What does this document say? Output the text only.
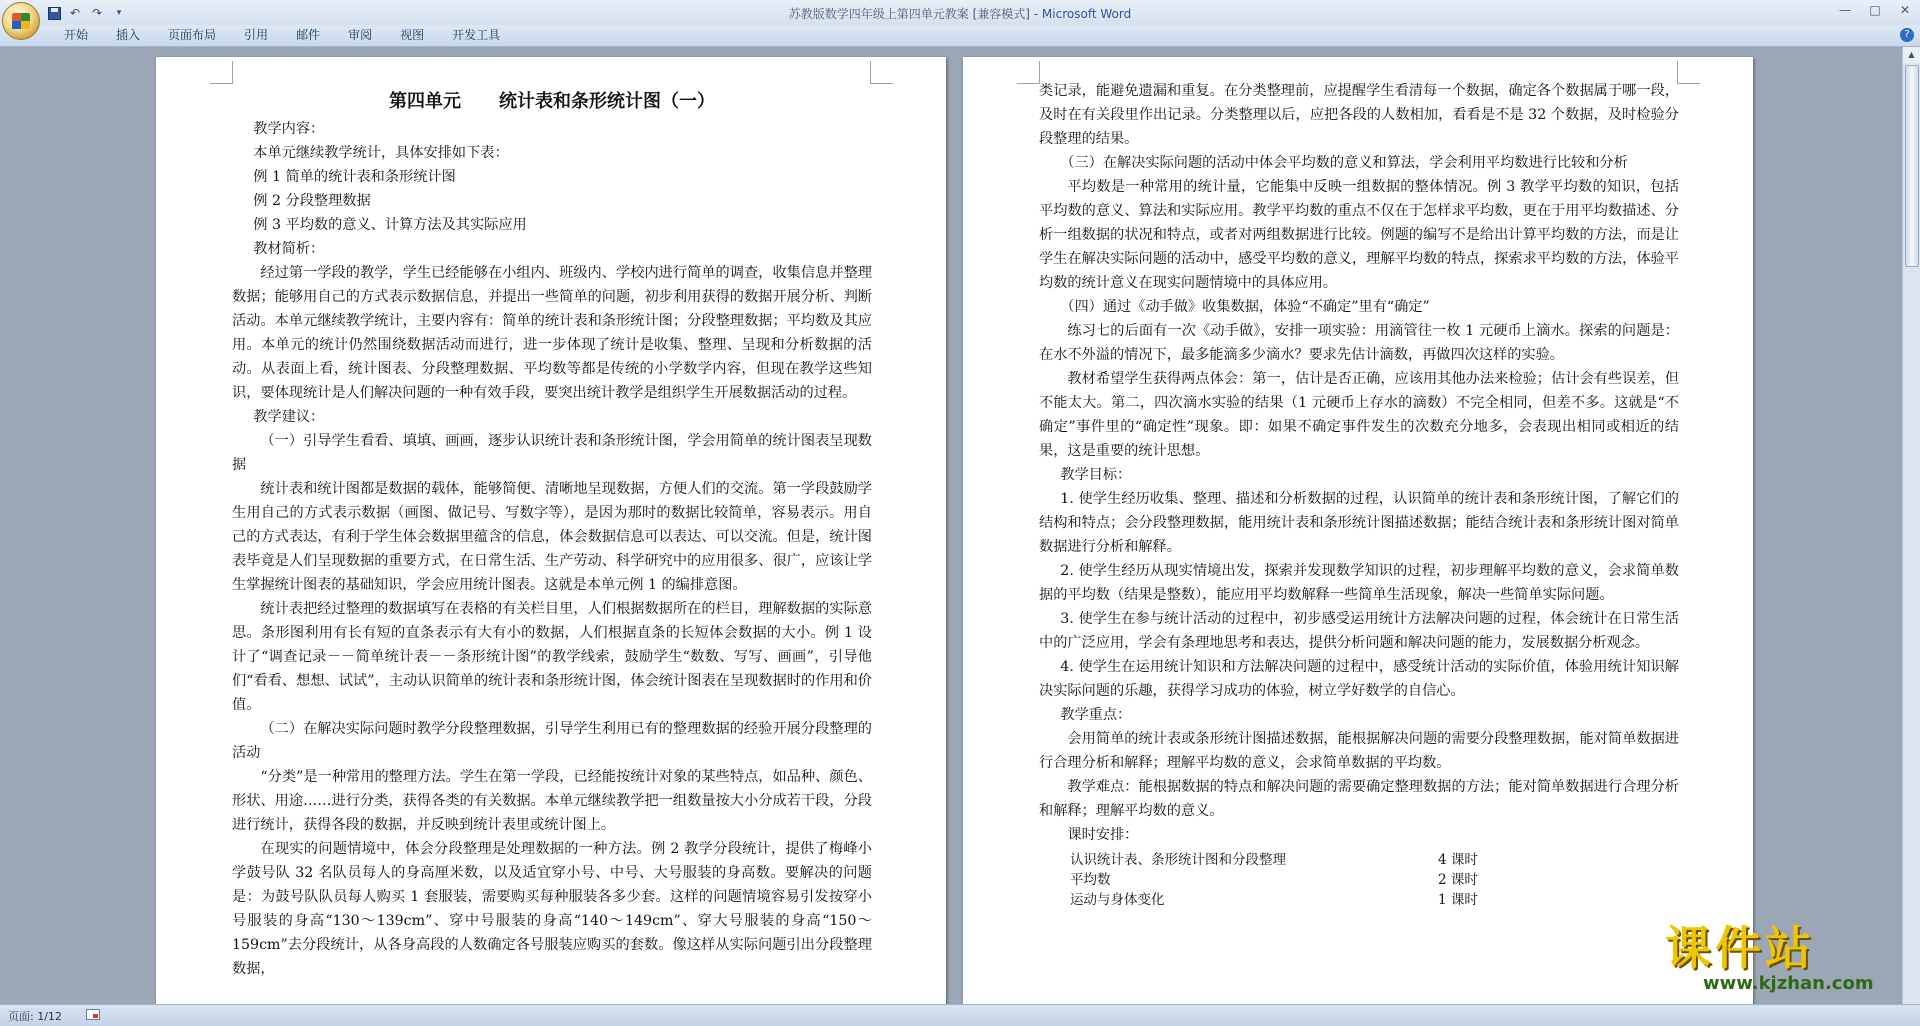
↶ ↷	▾	苏教版数学四年级上第四单元教案 [兼容模式] - Microsoft Word	—	□	✕
开始	插入	页面布局	引用	邮件	审阅	视图	开发工具	?

第四单元 统计表和条形统计图（一）

教学内容：

本单元继续教学统计，具体安排如下表：

例 1 简单的统计表和条形统计图

例 2 分段整理数据

例 3 平均数的意义、计算方法及其实际应用

教材简析：

经过第一学段的教学，学生已经能够在小组内、班级内、学校内进行简单的调查，收集信息并整理数据；能够用自己的方式表示数据信息，并提出一些简单的问题，初步利用获得的数据开展分析、判断活动。本单元继续教学统计，主要内容有：简单的统计表和条形统计图；分段整理数据；平均数及其应用。本单元的统计仍然围绕数据活动而进行，进一步体现了统计是收集、整理、呈现和分析数据的活动。从表面上看，统计图表、分段整理数据、平均数等都是传统的小学数学内容，但现在教学这些知识，要体现统计是人们解决问题的一种有效手段，要突出统计教学是组织学生开展数据活动的过程。

教学建议：

（一）引导学生看看、填填、画画，逐步认识统计表和条形统计图，学会用简单的统计图表呈现数据

统计表和统计图都是数据的载体，能够简便、清晰地呈现数据，方便人们的交流。第一学段鼓励学生用自己的方式表示数据（画图、做记号、写数字等），是因为那时的数据比较简单，容易表示。用自己的方式表达，有利于学生体会数据里蕴含的信息，体会数据信息可以表达、可以交流。但是，统计图表毕竟是人们呈现数据的重要方式，在日常生活、生产劳动、科学研究中的应用很多、很广，应该让学生掌握统计图表的基础知识，学会应用统计图表。这就是本单元例 1 的编排意图。

统计表把经过整理的数据填写在表格的有关栏目里，人们根据数据所在的栏目，理解数据的实际意思。条形图利用有长有短的直条表示有大有小的数据，人们根据直条的长短体会数据的大小。例 1 设计了“调查记录－－简单统计表－－条形统计图”的教学线索，鼓励学生“数数、写写、画画”，引导他们“看看、想想、试试”，主动认识简单的统计表和条形统计图，体会统计图表在呈现数据时的作用和价值。

（二）在解决实际问题时教学分段整理数据，引导学生利用已有的整理数据的经验开展分段整理的活动

“分类”是一种常用的整理方法。学生在第一学段，已经能按统计对象的某些特点，如品种、颜色、形状、用途……进行分类，获得各类的有关数据。本单元继续教学把一组数量按大小分成若干段，分段进行统计，获得各段的数据，并反映到统计表里或统计图上。

在现实的问题情境中，体会分段整理是处理数据的一种方法。例 2 教学分段统计，提供了梅峰小学鼓号队 32 名队员每人的身高厘米数，以及适宜穿小号、中号、大号服装的身高数。要解决的问题是：为鼓号队队员每人购买 1 套服装，需要购买每种服装各多少套。这样的问题情境容易引发按穿小号服装的身高“130～139cm”、穿中号服装的身高“140～149cm”、穿大号服装的身高“150～159cm”去分段统计，从各身高段的人数确定各号服装应购买的套数。像这样从实际问题引出分段整理数据，

类记录，能避免遗漏和重复。在分类整理前，应提醒学生看清每一个数据，确定各个数据属于哪一段，及时在有关段里作出记录。分类整理以后，应把各段的人数相加，看看是不是 32 个数据，及时检验分段整理的结果。

（三）在解决实际问题的活动中体会平均数的意义和算法，学会利用平均数进行比较和分析

平均数是一种常用的统计量，它能集中反映一组数据的整体情况。例 3 教学平均数的知识，包括平均数的意义、算法和实际应用。教学平均数的重点不仅在于怎样求平均数，更在于用平均数描述、分析一组数据的状况和特点，或者对两组数据进行比较。例题的编写不是给出计算平均数的方法，而是让学生在解决实际问题的活动中，感受平均数的意义，理解平均数的特点，探索求平均数的方法，体验平均数的统计意义在现实问题情境中的具体应用。

（四）通过《动手做》收集数据，体验“不确定”里有“确定”

练习七的后面有一次《动手做》，安排一项实验：用滴管往一枚 1 元硬币上滴水。探索的问题是：在水不外溢的情况下，最多能滴多少滴水？要求先估计滴数，再做四次这样的实验。

教材希望学生获得两点体会：第一，估计是否正确，应该用其他办法来检验；估计会有些误差，但不能太大。第二，四次滴水实验的结果（1 元硬币上存水的滴数）不完全相同，但差不多。这就是“不确定”事件里的“确定性”现象。即：如果不确定事件发生的次数充分地多，会表现出相同或相近的结果，这是重要的统计思想。

教学目标：

1. 使学生经历收集、整理、描述和分析数据的过程，认识简单的统计表和条形统计图，了解它们的结构和特点；会分段整理数据，能用统计表和条形统计图描述数据；能结合统计表和条形统计图对简单数据进行分析和解释。

2. 使学生经历从现实情境出发，探索并发现数学知识的过程，初步理解平均数的意义，会求简单数据的平均数（结果是整数），能应用平均数解释一些简单生活现象，解决一些简单实际问题。

3. 使学生在参与统计活动的过程中，初步感受运用统计方法解决问题的过程，体会统计在日常生活中的广泛应用，学会有条理地思考和表达，提供分析问题和解决问题的能力，发展数据分析观念。

4. 使学生在运用统计知识和方法解决问题的过程中，感受统计活动的实际价值，体验用统计知识解决实际问题的乐趣，获得学习成功的体验，树立学好数学的自信心。

教学重点：

会用简单的统计表或条形统计图描述数据，能根据解决问题的需要分段整理数据，能对简单数据进行合理分析和解释；理解平均数的意义，会求简单数据的平均数。

教学难点：能根据数据的特点和解决问题的需要确定整理数据的方法；能对简单数据进行合理分析和解释；理解平均数的意义。

课时安排：

认识统计表、条形统计图和分段整理	4 课时
平均数	2 课时
运动与身体变化	1 课时
▲
页面: 1/12
课件站
www.kjzhan.com
